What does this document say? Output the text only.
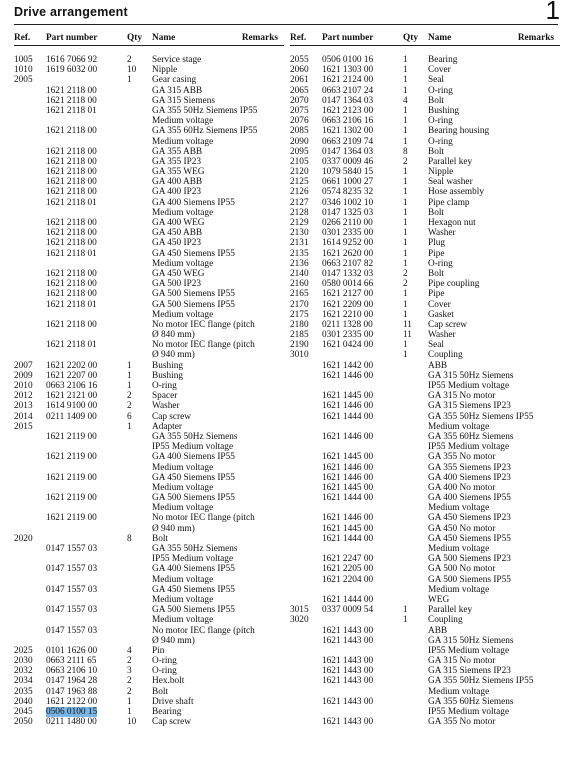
Drive arrangement	1
Ref. Part number	Qty Name	Remarks
1005 1616 7066 92	2 Service stage
1010 1619 6032 00	10 Nipple
2005	1 Gear casing
1621 2118 00	GA 315 ABB
1621 2118 00	GA 315 Siemens
1621 2118 01	GA 355 50Hz Siemens IP55
Medium voltage
1621 2118 00	GA 355 60Hz Siemens IP55
Medium voltage
1621 2118 00	GA 355 ABB
1621 2118 00	GA 355 IP23
1621 2118 00	GA 355 WEG
1621 2118 00	GA 400 ABB
1621 2118 00	GA 400 IP23
1621 2118 01	GA 400 Siemens IP55
Medium voltage
1621 2118 00	GA 400 WEG
1621 2118 00	GA 450 ABB
1621 2118 00	GA 450 IP23
1621 2118 01	GA 450 Siemens IP55
Medium voltage
1621 2118 00	GA 450 WEG
1621 2118 00	GA 500 IP23
1621 2118 00	GA 500 Siemens IP55
1621 2118 01	GA 500 Siemens IP55
Medium voltage
1621 2118 00	No motor IEC flange (pitch
Ø 840 mm)
1621 2118 01	No motor IEC flange (pitch
Ø 940 mm)
2007 1621 2202 00	1 Bushing
2009 1621 2207 00	1 Bushing
2010 0663 2106 16	1 O-ring
2012 1621 2121 00	2 Spacer
2013 1614 9100 00	2 Washer
2014 0211 1409 00	6 Cap screw
2015	1 Adapter
1621 2119 00	GA 355 50Hz Siemens
IP55 Medium voltage
1621 2119 00	GA 400 Siemens IP55
Medium voltage
1621 2119 00	GA 450 Siemens IP55
Medium voltage
1621 2119 00	GA 500 Siemens IP55
Medium voltage
1621 2119 00	No motor IEC flange (pitch
Ø 940 mm)
2020	8 Bolt
0147 1557 03	GA 355 50Hz Siemens
IP55 Medium voltage
0147 1557 03	GA 400 Siemens IP55
Medium voltage
0147 1557 03	GA 450 Siemens IP55
Medium voltage
0147 1557 03	GA 500 Siemens IP55
Medium voltage
0147 1557 03	No motor IEC flange (pitch
Ø 940 mm)
2025 0101 1626 00	4 Pin
2030 0663 2111 65	2 O-ring
2032 0663 2106 10	3 O-ring
2034 0147 1964 28	2 Hex.bolt
2035 0147 1963 88	2 Bolt
2040 1621 2122 00	1 Drive shaft
2045 0506 0100 15	1 Bearing
2050 0211 1480 00	10 Cap screw
Ref. Part number	Qty Name	Remarks
2055 0506 0100 16	1 Bearing
2060 1621 1303 00	1 Cover
2061 1621 2124 00	1 Seal
2065 0663 2107 24	1 O-ring
2070 0147 1364 03	4 Bolt
2075 1621 2123 00	1 Bushing
2076 0663 2106 16	1 O-ring
2085 1621 1302 00	1 Bearing housing
2090 0663 2109 74	1 O-ring
2095 0147 1364 03	8 Bolt
2105 0337 0009 46	2 Parallel key
2120 1079 5840 15	1 Nipple
2125 0661 1000 27	1 Seal washer
2126 0574 8235 32	1 Hose assembly
2127 0346 1002 10	1 Pipe clamp
2128 0147 1325 03	1 Bolt
2129 0266 2110 00	1 Hexagon nut
2130 0301 2335 00	1 Washer
2131 1614 9252 00	1 Plug
2135 1621 2620 00	1 Pipe
2136 0663 2107 82	1 O-ring
2140 0147 1332 03	2 Bolt
2160 0580 0014 66	2 Pipe coupling
2165 1621 2127 00	1 Pipe
2170 1621 2209 00	1 Cover
2175 1621 2210 00	1 Gasket
2180 0211 1328 00	11 Cap screw
2185 0301 2335 00	11 Washer
2190 1621 0424 00	1 Seal
3010	1 Coupling
1621 1442 00	ABB
1621 1446 00	GA 315 50Hz Siemens
IP55 Medium voltage
1621 1445 00	GA 315 No motor
1621 1446 00	GA 315 Siemens IP23
1621 1444 00	GA 355 50Hz Siemens IP55
Medium voltage
1621 1446 00	GA 355 60Hz Siemens
IP55 Medium voltage
1621 1445 00	GA 355 No motor
1621 1446 00	GA 355 Siemens IP23
1621 1446 00	GA 400 Siemens IP23
1621 1445 00	GA 400 No motor
1621 1444 00	GA 400 Siemens IP55
Medium voltage
1621 1446 00	GA 450 Siemens IP23
1621 1445 00	GA 450 No motor
1621 1444 00	GA 450 Siemens IP55
Medium voltage
1621 2247 00	GA 500 Siemens IP23
1621 2205 00	GA 500 No motor
1621 2204 00	GA 500 Siemens IP55
Medium voltage
1621 1444 00	WEG
3015 0337 0009 54	1 Parallel key
3020	1 Coupling
1621 1443 00	ABB
1621 1443 00	GA 315 50Hz Siemens
IP55 Medium voltage
1621 1443 00	GA 315 No motor
1621 1443 00	GA 315 Siemens IP23
1621 1443 00	GA 355 50Hz Siemens IP55
Medium voltage
1621 1443 00	GA 355 60Hz Siemens
IP55 Medium voltage
1621 1443 00	GA 355 No motor
